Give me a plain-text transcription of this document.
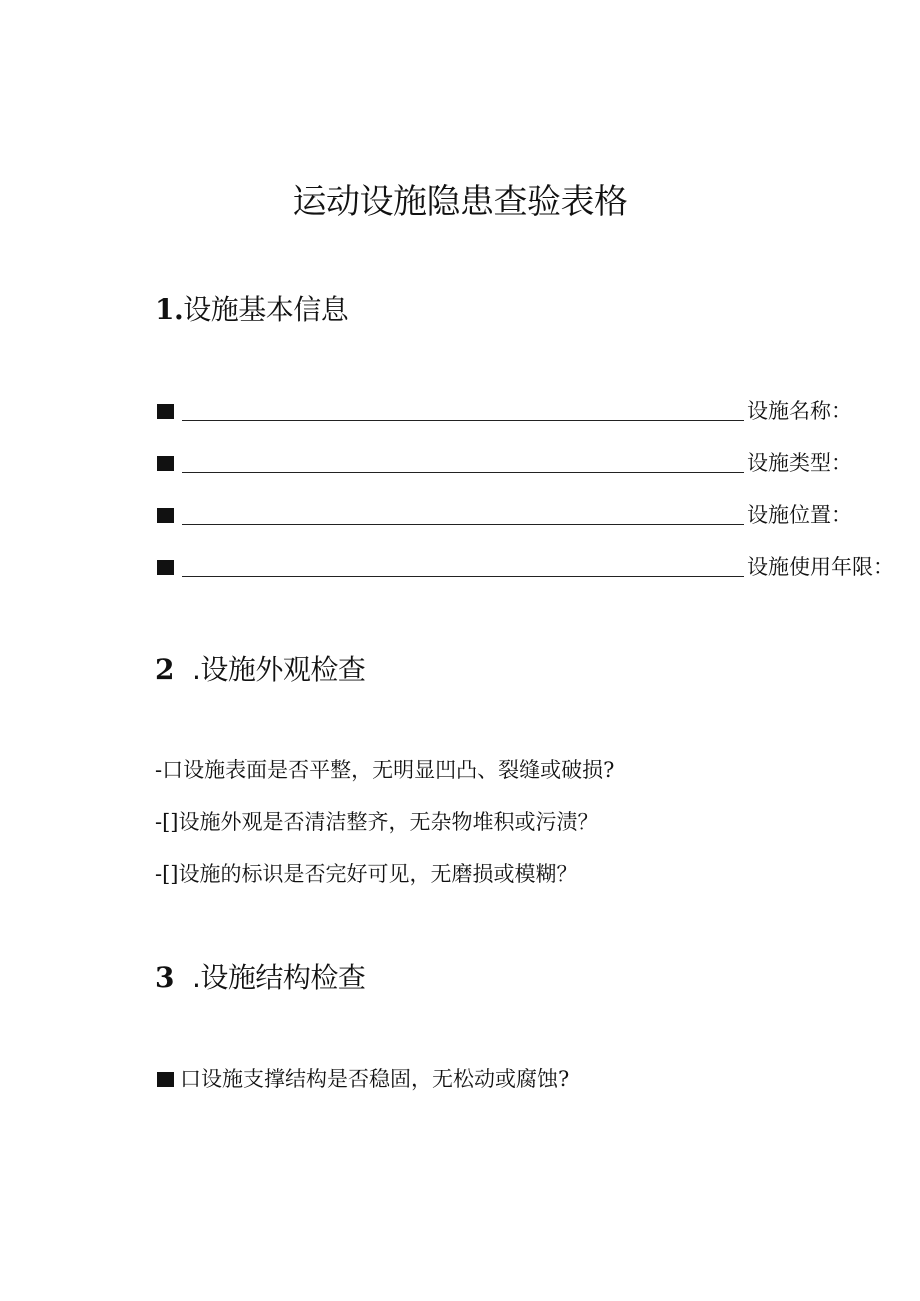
运动设施隐患查验表格
1.设施基本信息
设施名称：
设施类型：
设施位置：
设施使用年限：
2 .设施外观检查
-口设施表面是否平整，无明显凹凸、裂缝或破损?
-[]设施外观是否清洁整齐，无杂物堆积或污渍？
-[]设施的标识是否完好可见，无磨损或模糊？
3 .设施结构检查
口设施支撑结构是否稳固，无松动或腐蚀?
